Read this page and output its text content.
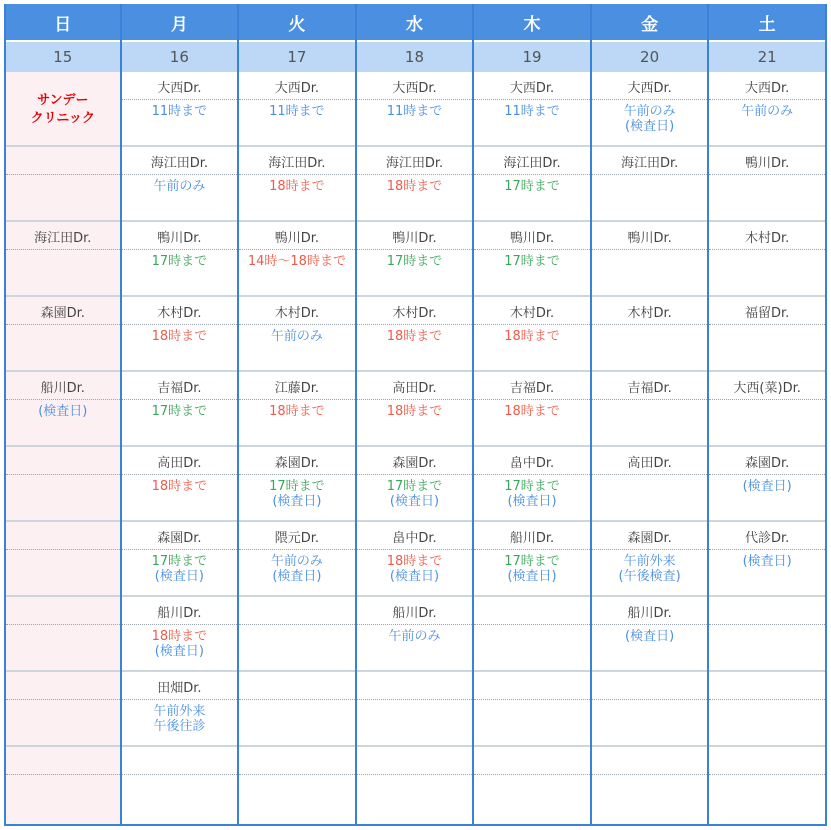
日
15
サンデー
クリニック
海江田Dr.
森園Dr.
船川Dr.
(検査日)
月
16
大西Dr.
11時まで
海江田Dr.
午前のみ
鴨川Dr.
17時まで
木村Dr.
18時まで
吉福Dr.
17時まで
高田Dr.
18時まで
森園Dr.
17時まで
(検査日)
船川Dr.
18時まで
(検査日)
田畑Dr.
午前外来
午後往診
火
17
大西Dr.
11時まで
海江田Dr.
18時まで
鴨川Dr.
14時〜18時まで
木村Dr.
午前のみ
江藤Dr.
18時まで
森園Dr.
17時まで
(検査日)
隈元Dr.
午前のみ
(検査日)
水
18
大西Dr.
11時まで
海江田Dr.
18時まで
鴨川Dr.
17時まで
木村Dr.
18時まで
高田Dr.
18時まで
森園Dr.
17時まで
(検査日)
畠中Dr.
18時まで
(検査日)
船川Dr.
午前のみ
木
19
大西Dr.
11時まで
海江田Dr.
17時まで
鴨川Dr.
17時まで
木村Dr.
18時まで
吉福Dr.
18時まで
畠中Dr.
17時まで
(検査日)
船川Dr.
17時まで
(検査日)
金
20
大西Dr.
午前のみ
(検査日)
海江田Dr.
鴨川Dr.
木村Dr.
吉福Dr.
高田Dr.
森園Dr.
午前外来
(午後検査)
船川Dr.
(検査日)
土
21
大西Dr.
午前のみ
鴨川Dr.
木村Dr.
福留Dr.
大西(菜)Dr.
森園Dr.
(検査日)
代診Dr.
(検査日)
